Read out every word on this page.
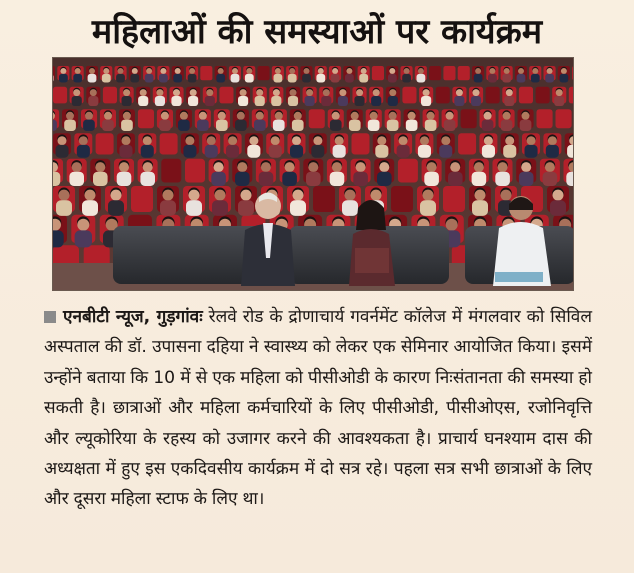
महिलाओं की समस्याओं पर कार्यक्रम
एनबीटी न्यूज, गुड़गांवः रेलवे रोड के द्रोणाचार्य गवर्नमेंट कॉलेज में मंगलवार को सिविल अस्पताल की डॉ. उपासना दहिया ने स्वास्थ्य को लेकर एक सेमिनार आयोजित किया। इसमें उन्होंने बताया कि 10 में से एक महिला को पीसीओडी के कारण निःसंतानता की समस्या हो सकती है। छात्राओं और महिला कर्मचारियों के लिए पीसीओडी, पीसीओएस, रजोनिवृत्ति और ल्यूकोरिया के रहस्य को उजागर करने की आवश्यकता है। प्राचार्य घनश्याम दास की अध्यक्षता में हुए इस एकदिवसीय कार्यक्रम में दो सत्र रहे। पहला सत्र सभी छात्राओं के लिए और दूसरा महिला स्टाफ के लिए था।
